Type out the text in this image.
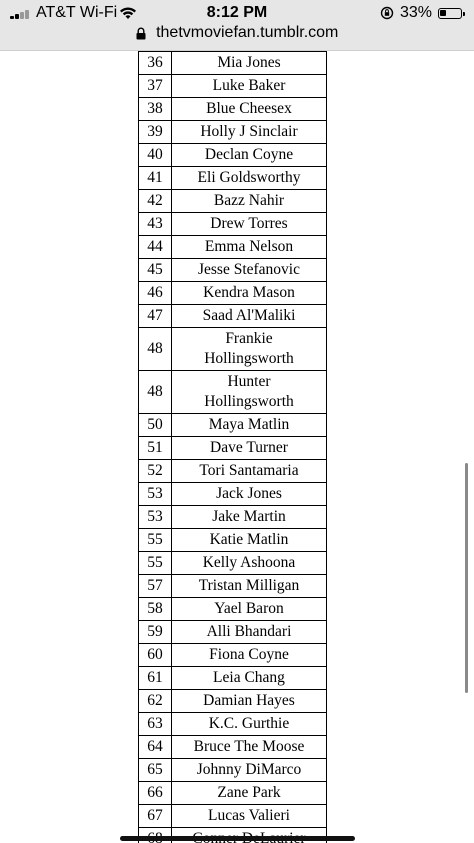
AT&T Wi-Fi	8:12 PM	33%
thetvmoviefan.tumblr.com
36	Mia Jones
37	Luke Baker
38	Blue Cheesex
39	Holly J Sinclair
40	Declan Coyne
41	Eli Goldsworthy
42	Bazz Nahir
43	Drew Torres
44	Emma Nelson
45	Jesse Stefanovic
46	Kendra Mason
47	Saad Al'Maliki
48	Frankie
Hollingsworth

48	Hunter
Hollingsworth

50	Maya Matlin
51	Dave Turner
52	Tori Santamaria
53	Jack Jones
53	Jake Martin
55	Katie Matlin
55	Kelly Ashoona
57	Tristan Milligan
58	Yael Baron
59	Alli Bhandari
60	Fiona Coyne
61	Leia Chang
62	Damian Hayes
63	K.C. Gurthie
64	Bruce The Moose
65	Johnny DiMarco
66	Zane Park
67	Lucas Valieri
